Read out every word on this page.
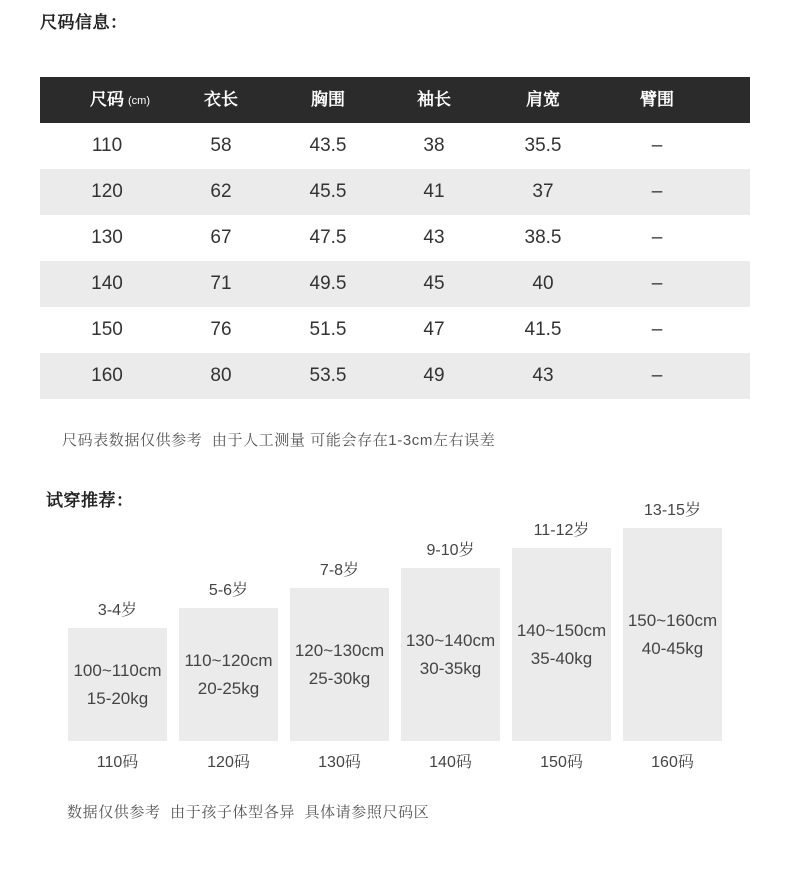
尺码信息：
尺码 (cm)	衣长	胸围	袖长	肩宽	臂围
110	58	43.5	38	35.5	–
120	62	45.5	41	37	–
130	67	47.5	43	38.5	–
140	71	49.5	45	40	–
150	76	51.5	47	41.5	–
160	80	53.5	49	43	–
尺码表数据仅供参考  由于人工测量 可能会存在1-3cm左右误差
试穿推荐：
3-4岁
100~110cm
15-20kg
110码
5-6岁
110~120cm
20-25kg
120码
7-8岁
120~130cm
25-30kg
130码
9-10岁
130~140cm
30-35kg
140码
11-12岁
140~150cm
35-40kg
150码
13-15岁
150~160cm
40-45kg
160码
数据仅供参考  由于孩子体型各异  具体请参照尺码区
